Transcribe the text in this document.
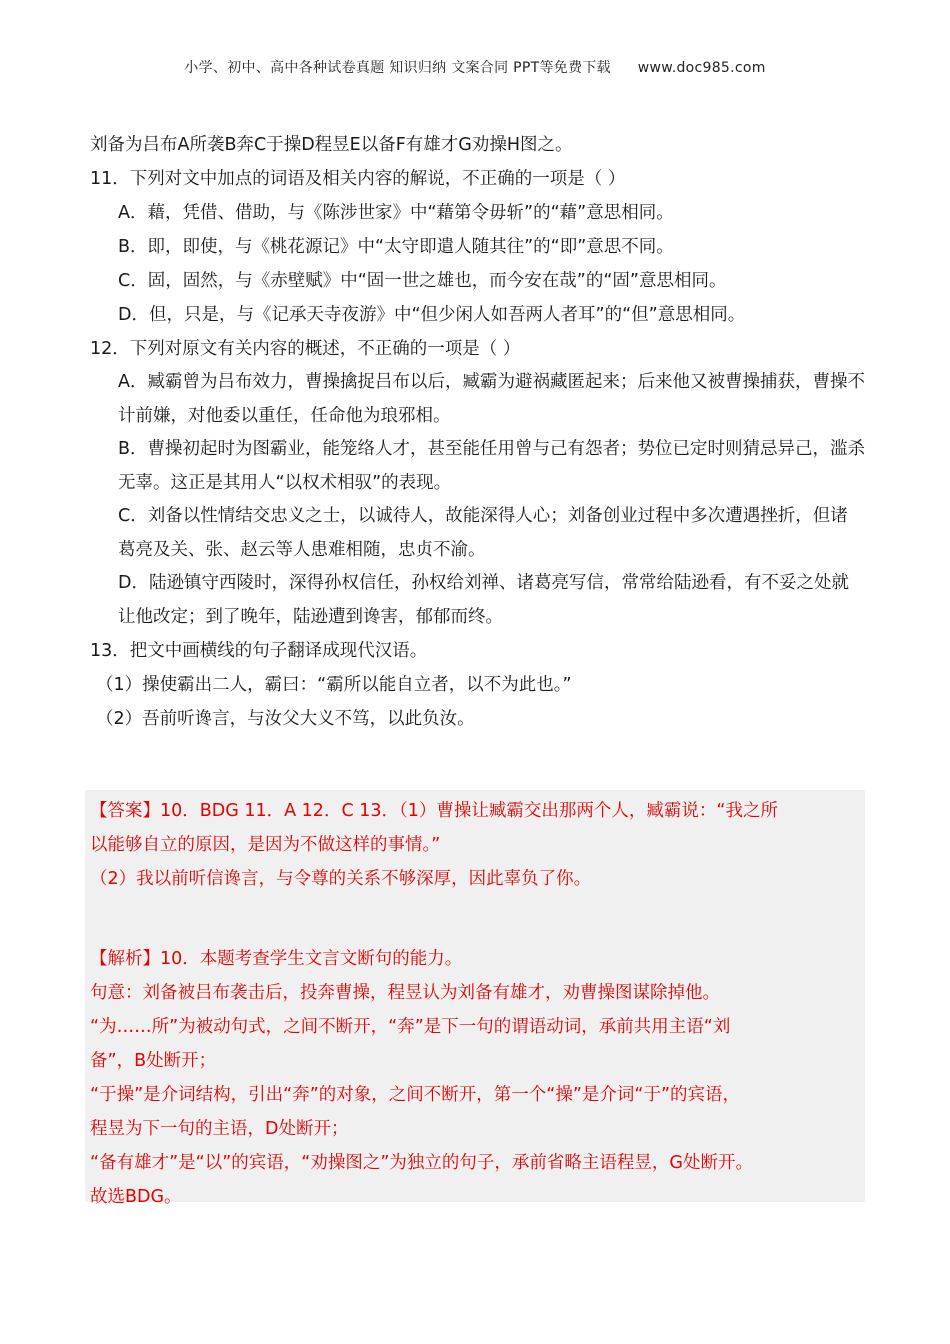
小学、初中、高中各种试卷真题 知识归纳 文案合同 PPT等免费下载 www.doc985.com
刘备为吕布A所袭B奔C于操D程昱E以备F有雄才G劝操H图之。
11．下列对文中加点的词语及相关内容的解说，不正确的一项是（ ）
A．藉，凭借、借助，与《陈涉世家》中“藉第令毋斩”的“藉”意思相同。
B．即，即使，与《桃花源记》中“太守即遣人随其往”的“即”意思不同。
C．固，固然，与《赤壁赋》中“固一世之雄也，而今安在哉”的“固”意思相同。
D．但，只是，与《记承天寺夜游》中“但少闲人如吾两人者耳”的“但”意思相同。
12．下列对原文有关内容的概述，不正确的一项是（ ）
A．臧霸曾为吕布效力，曹操擒捉吕布以后，臧霸为避祸藏匿起来；后来他又被曹操捕获，曹操不计前嫌，对他委以重任，任命他为琅邪相。
B．曹操初起时为图霸业，能笼络人才，甚至能任用曾与己有怨者；势位已定时则猜忌异己，滥杀无辜。这正是其用人“以权术相驭”的表现。
C．刘备以性情结交忠义之士，以诚待人，故能深得人心；刘备创业过程中多次遭遇挫折，但诸葛亮及关、张、赵云等人患难相随，忠贞不渝。
D．陆逊镇守西陵时，深得孙权信任，孙权给刘禅、诸葛亮写信，常常给陆逊看，有不妥之处就让他改定；到了晚年，陆逊遭到谗害，郁郁而终。
13．把文中画横线的句子翻译成现代汉语。
（1）操使霸出二人，霸曰：“霸所以能自立者，以不为此也。”
（2）吾前听谗言，与汝父大义不笃，以此负汝。
【答案】10．BDG 11．A 12．C 13．（1）曹操让臧霸交出那两个人，臧霸说：“我之所
以能够自立的原因，是因为不做这样的事情。”
（2）我以前听信谗言，与令尊的关系不够深厚，因此辜负了你。
【解析】10．本题考查学生文言文断句的能力。
句意：刘备被吕布袭击后，投奔曹操，程昱认为刘备有雄才，劝曹操图谋除掉他。
“为……所”为被动句式，之间不断开，“奔”是下一句的谓语动词，承前共用主语“刘
备”，B处断开；
“于操”是介词结构，引出“奔”的对象，之间不断开，第一个“操”是介词“于”的宾语，
程昱为下一句的主语，D处断开；
“备有雄才”是“以”的宾语，“劝操图之”为独立的句子，承前省略主语程昱，G处断开。
故选BDG。
